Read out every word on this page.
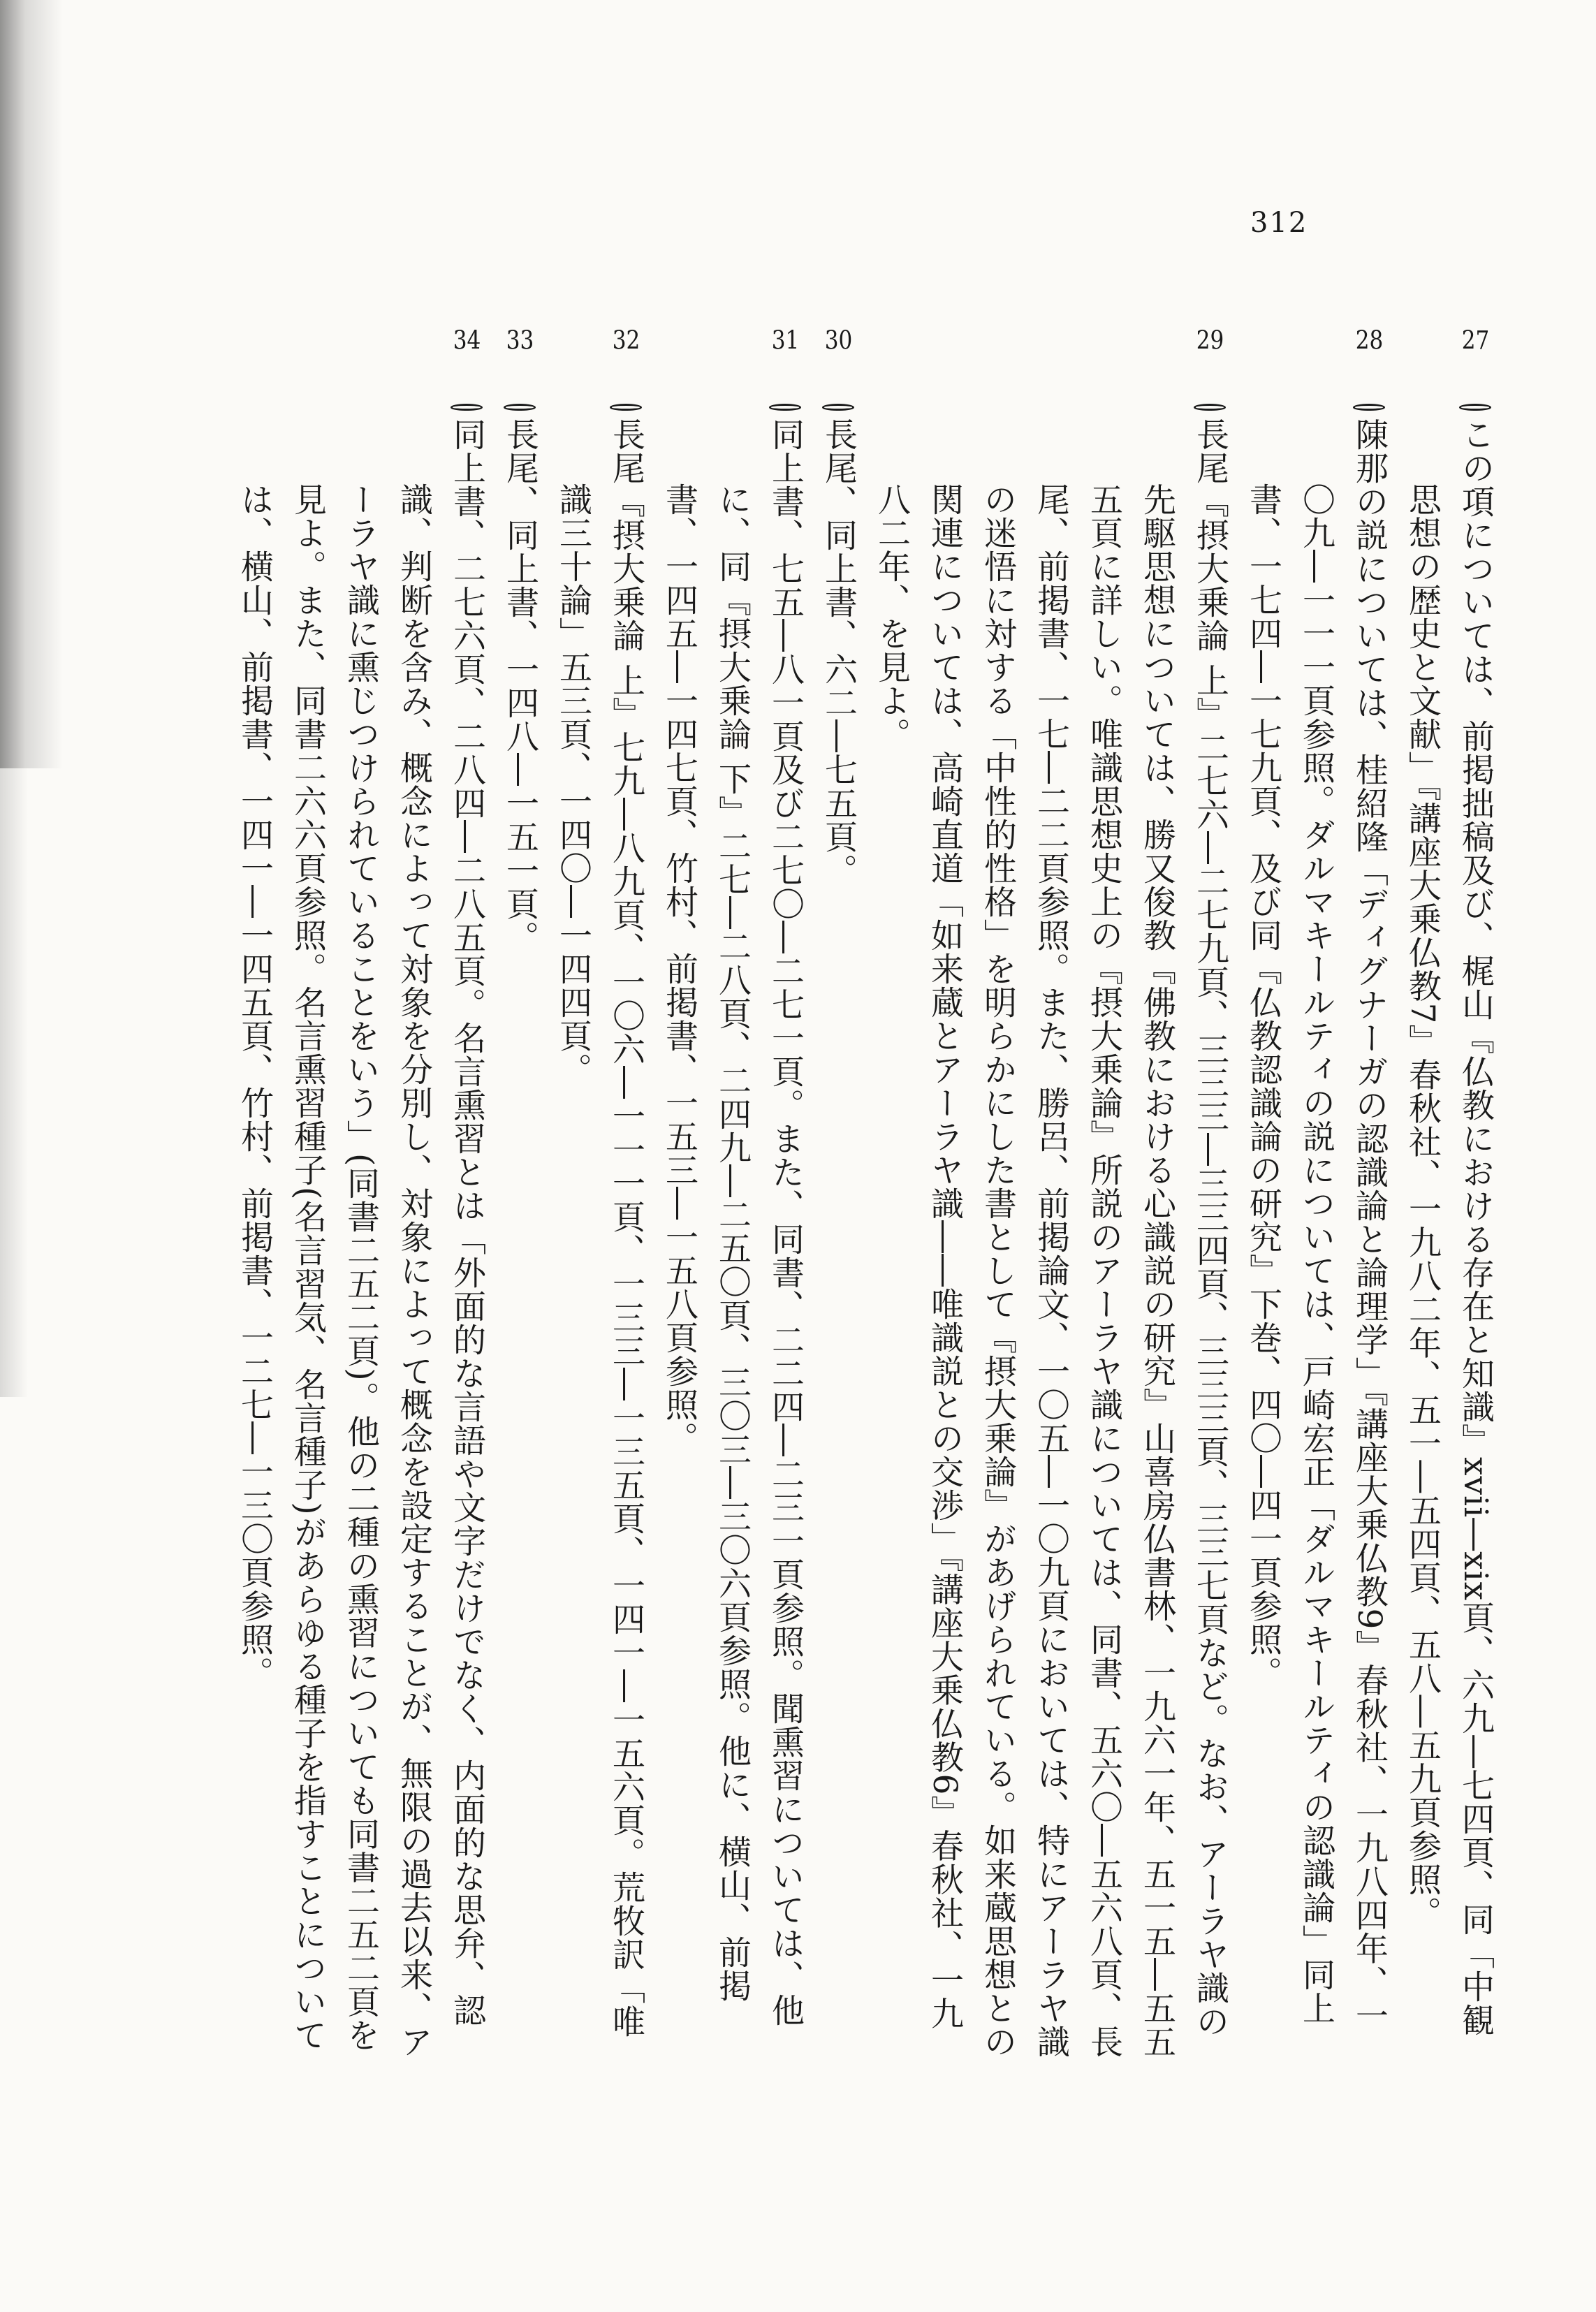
312

27この項については、前掲拙稿及び、梶山『仏教における存在と知識』xvii―xix頁、六九―七四頁、同「中観思想の歴史と文献」『講座大乗仏教7』春秋社、一九八二年、五一―五四頁、五八―五九頁参照。

28陳那の説については、桂紹隆「ディグナーガの認識論と論理学」『講座大乗仏教9』春秋社、一九八四年、一〇九―一一一頁参照。ダルマキールティの説については、戸崎宏正「ダルマキールティの認識論」同上書、一七四―一七九頁、及び同『仏教認識論の研究』下巻、四〇―四一頁参照。

29長尾『摂大乗論 上』二七六―二七九頁、三三三―三三四頁、三三三頁、三三七頁など。なお、アーラヤ識の先駆思想については、勝又俊教『佛教における心識説の研究』山喜房仏書林、一九六一年、五一五―五五五頁に詳しい。唯識思想史上の『摂大乗論』所説のアーラヤ識については、同書、五六〇―五六八頁、長尾、前掲書、一七―二二頁参照。また、勝呂、前掲論文、一〇五―一〇九頁においては、特にアーラヤ識の迷悟に対する「中性的性格」を明らかにした書として『摂大乗論』があげられている。如来蔵思想との関連については、高崎直道「如来蔵とアーラヤ識――唯識説との交渉」『講座大乗仏教6』春秋社、一九八二年、を見よ。

30長尾、同上書、六二―七五頁。

31同上書、七五―八一頁及び二七〇―二七一頁。また、同書、二二四―二三一頁参照。聞熏習については、他に、同『摂大乗論 下』二七―二八頁、二四九―二五〇頁、三〇三―三〇六頁参照。他に、横山、前掲書、一四五―一四七頁、竹村、前掲書、一五三―一五八頁参照。

32長尾『摂大乗論 上』七九―八九頁、一〇六―一一一頁、一三三―一三五頁、一四一―一五六頁。荒牧訳「唯識三十論」五三頁、一四〇―一四四頁。

33長尾、同上書、一四八―一五一頁。

34同上書、二七六頁、二八四―二八五頁。名言熏習とは「外面的な言語や文字だけでなく、内面的な思弁、認識、判断を含み、概念によって対象を分別し、対象によって概念を設定することが、無限の過去以来、アーラヤ識に熏じつけられていることをいう」(同書二五二頁)。他の二種の熏習についても同書二五二頁を見よ。また、同書二六六頁参照。名言熏習種子(名言習気、名言種子)があらゆる種子を指すことについては、横山、前掲書、一四一―一四五頁、竹村、前掲書、一二七―一三〇頁参照。
